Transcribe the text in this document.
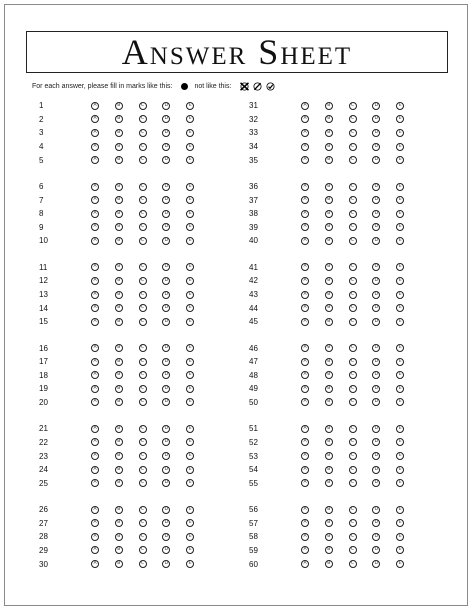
Answer Sheet
For each answer, please fill in marks like this:	not like this:
1	A	B	C	D	E
2	A	B	C	D	E
3	A	B	C	D	E
4	A	B	C	D	E
5	A	B	C	D	E
6	A	B	C	D	E
7	A	B	C	D	E
8	A	B	C	D	E
9	A	B	C	D	E
10	A	B	C	D	E
11	A	B	C	D	E
12	A	B	C	D	E
13	A	B	C	D	E
14	A	B	C	D	E
15	A	B	C	D	E
16	A	B	C	D	E
17	A	B	C	D	E
18	A	B	C	D	E
19	A	B	C	D	E
20	A	B	C	D	E
21	A	B	C	D	E
22	A	B	C	D	E
23	A	B	C	D	E
24	A	B	C	D	E
25	A	B	C	D	E
26	A	B	C	D	E
27	A	B	C	D	E
28	A	B	C	D	E
29	A	B	C	D	E
30	A	B	C	D	E
31	A	B	C	D	E
32	A	B	C	D	E
33	A	B	C	D	E
34	A	B	C	D	E
35	A	B	C	D	E
36	A	B	C	D	E
37	A	B	C	D	E
38	A	B	C	D	E
39	A	B	C	D	E
40	A	B	C	D	E
41	A	B	C	D	E
42	A	B	C	D	E
43	A	B	C	D	E
44	A	B	C	D	E
45	A	B	C	D	E
46	A	B	C	D	E
47	A	B	C	D	E
48	A	B	C	D	E
49	A	B	C	D	E
50	A	B	C	D	E
51	A	B	C	D	E
52	A	B	C	D	E
53	A	B	C	D	E
54	A	B	C	D	E
55	A	B	C	D	E
56	A	B	C	D	E
57	A	B	C	D	E
58	A	B	C	D	E
59	A	B	C	D	E
60	A	B	C	D	E
